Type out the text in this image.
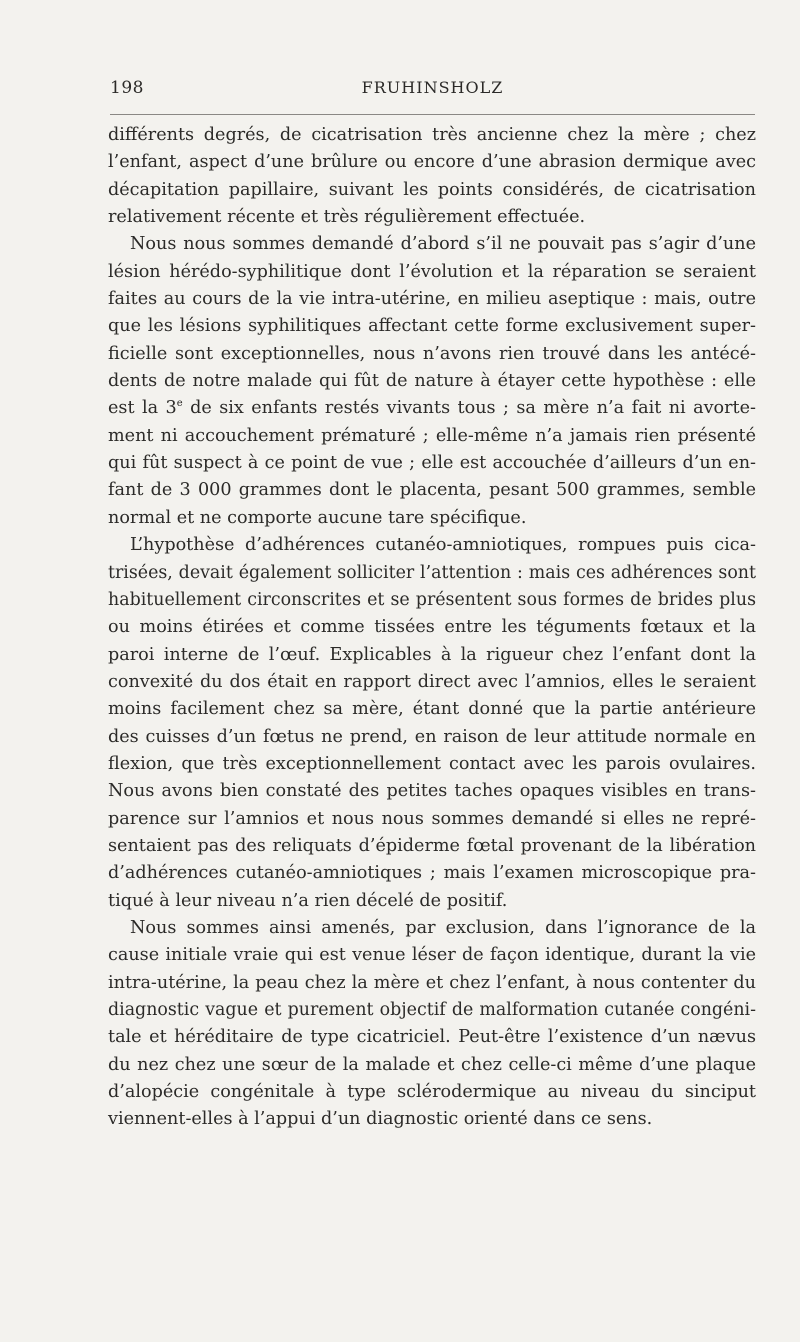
198	FRUHINSHOLZ
différents degrés, de cicatrisation très ancienne chez la mère ; chez
l’enfant, aspect d’une brûlure ou encore d’une abrasion dermique avec
décapitation papillaire, suivant les points considérés, de cicatrisation
relativement récente et très régulièrement effectuée.
Nous nous sommes demandé d’abord s’il ne pouvait pas s’agir d’une
lésion hérédo-syphilitique dont l’évolution et la réparation se seraient
faites au cours de la vie intra-utérine, en milieu aseptique : mais, outre
que les lésions syphilitiques affectant cette forme exclusivement super-
ficielle sont exceptionnelles, nous n’avons rien trouvé dans les antécé-
dents de notre malade qui fût de nature à étayer cette hypothèse : elle
est la 3e de six enfants restés vivants tous ; sa mère n’a fait ni avorte-
ment ni accouchement prématuré ; elle-même n’a jamais rien présenté
qui fût suspect à ce point de vue ; elle est accouchée d’ailleurs d’un en-
fant de 3 000 grammes dont le placenta, pesant 500 grammes, semble
normal et ne comporte aucune tare spécifique.
L’hypothèse d’adhérences cutanéo-amniotiques, rompues puis cica-
trisées, devait également solliciter l’attention : mais ces adhérences sont
habituellement circonscrites et se présentent sous formes de brides plus
ou moins étirées et comme tissées entre les téguments fœtaux et la
paroi interne de l’œuf. Explicables à la rigueur chez l’enfant dont la
convexité du dos était en rapport direct avec l’amnios, elles le seraient
moins facilement chez sa mère, étant donné que la partie antérieure
des cuisses d’un fœtus ne prend, en raison de leur attitude normale en
flexion, que très exceptionnellement contact avec les parois ovulaires.
Nous avons bien constaté des petites taches opaques visibles en trans-
parence sur l’amnios et nous nous sommes demandé si elles ne repré-
sentaient pas des reliquats d’épiderme fœtal provenant de la libération
d’adhérences cutanéo-amniotiques ; mais l’examen microscopique pra-
tiqué à leur niveau n’a rien décelé de positif.
Nous sommes ainsi amenés, par exclusion, dans l’ignorance de la
cause initiale vraie qui est venue léser de façon identique, durant la vie
intra-utérine, la peau chez la mère et chez l’enfant, à nous contenter du
diagnostic vague et purement objectif de malformation cutanée congéni-
tale et héréditaire de type cicatriciel. Peut-être l’existence d’un nævus
du nez chez une sœur de la malade et chez celle-ci même d’une plaque
d’alopécie congénitale à type sclérodermique au niveau du sinciput
viennent-elles à l’appui d’un diagnostic orienté dans ce sens.
